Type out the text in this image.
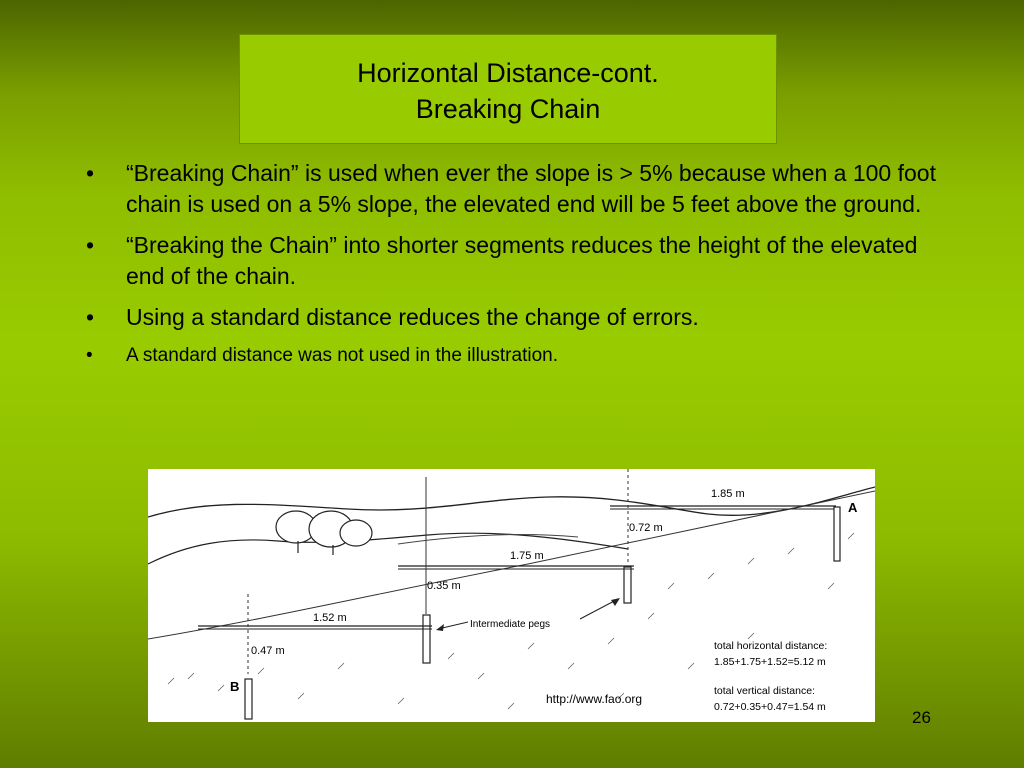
Horizontal Distance-cont.
Breaking Chain
• “Breaking Chain” is used when ever the slope is > 5% because when a 100 foot chain is used on a 5% slope, the elevated end will be 5 feet above the ground.
• “Breaking the Chain” into shorter segments reduces the height of the elevated end of the chain.
• Using a standard distance reduces the change of errors.
• A standard distance was not used in the illustration.
A
1.85 m
0.72 m
1.75 m
0.35 m
1.52 m
0.47 m
B
Intermediate pegs
total horizontal distance:
1.85+1.75+1.52=5.12 m
total vertical distance:
0.72+0.35+0.47=1.54 m
http://www.fao.org
26
